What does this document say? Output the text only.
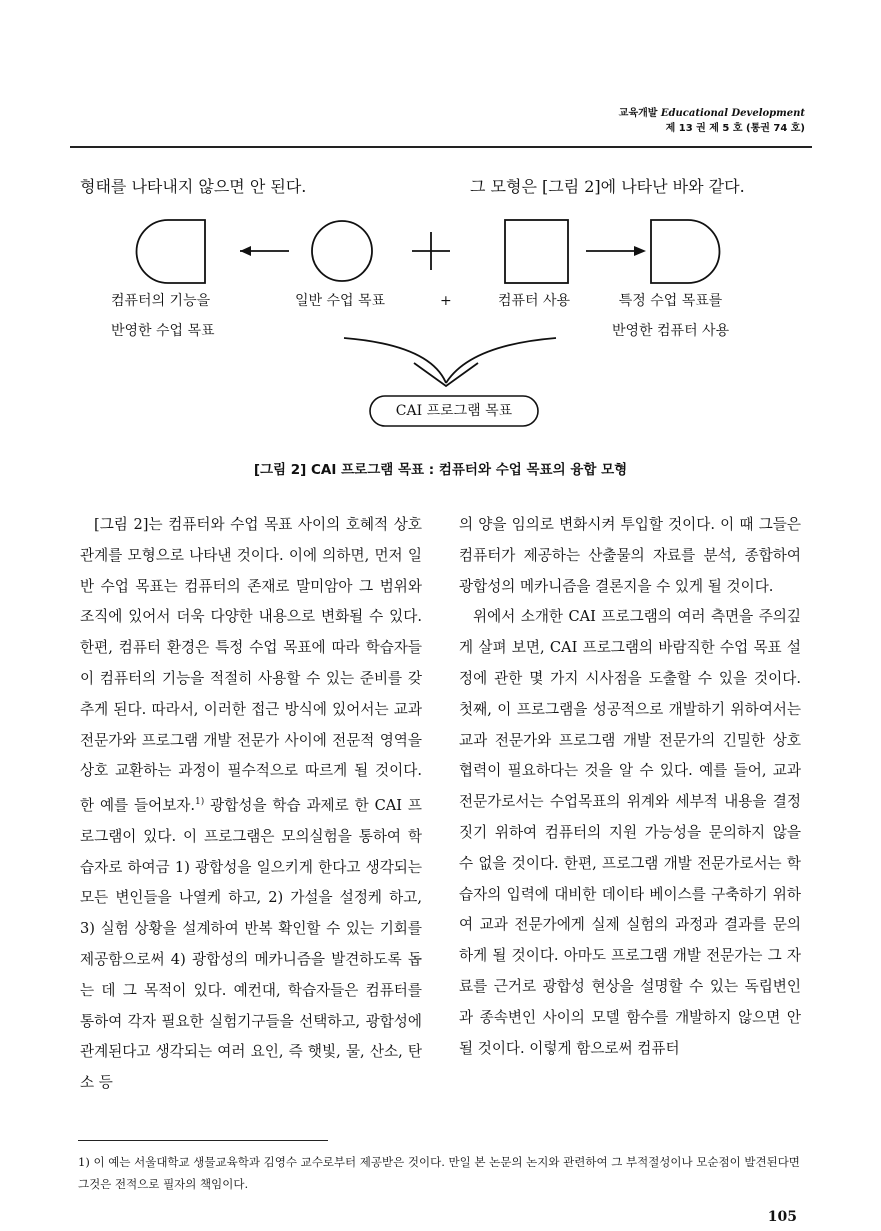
교육개발 Educational Development
제 13 권 제 5 호 (통권 74 호)
형태를 나타내지 않으면 안 된다.	그 모형은 [그림 2]에 나타난 바와 같다.
컴퓨터의 기능을
반영한 수업 목표
일반 수업 목표	+	컴퓨터 사용	특정 수업 목표를
반영한 컴퓨터 사용
CAI 프로그램 목표
[그림 2] CAI 프로그램 목표 : 컴퓨터와 수업 목표의 융합 모형

[그림 2]는 컴퓨터와 수업 목표 사이의 호혜적 상호관계를 모형으로 나타낸 것이다. 이에 의하면, 먼저 일반 수업 목표는 컴퓨터의 존재로 말미암아 그 범위와 조직에 있어서 더욱 다양한 내용으로 변화될 수 있다. 한편, 컴퓨터 환경은 특정 수업 목표에 따라 학습자들이 컴퓨터의 기능을 적절히 사용할 수 있는 준비를 갖추게 된다. 따라서, 이러한 접근 방식에 있어서는 교과 전문가와 프로그램 개발 전문가 사이에 전문적 영역을 상호 교환하는 과정이 필수적으로 따르게 될 것이다. 한 예를 들어보자.$^{1)}$ 광합성을 학습 과제로 한 CAI 프로그램이 있다. 이 프로그램은 모의실험을 통하여 학습자로 하여금 1) 광합성을 일으키게 한다고 생각되는 모든 변인들을 나열케 하고, 2) 가설을 설정케 하고, 3) 실험 상황을 설계하여 반복 확인할 수 있는 기회를 제공함으로써 4) 광합성의 메카니즘을 발견하도록 돕는 데 그 목적이 있다. 예컨대, 학습자들은 컴퓨터를 통하여 각자 필요한 실험기구들을 선택하고, 광합성에 관계된다고 생각되는 여러 요인, 즉 햇빛, 물, 산소, 탄소 등

의 양을 임의로 변화시켜 투입할 것이다. 이 때 그들은 컴퓨터가 제공하는 산출물의 자료를 분석, 종합하여 광합성의 메카니즘을 결론지을 수 있게 될 것이다.

위에서 소개한 CAI 프로그램의 여러 측면을 주의깊게 살펴 보면, CAI 프로그램의 바람직한 수업 목표 설정에 관한 몇 가지 시사점을 도출할 수 있을 것이다. 첫째, 이 프로그램을 성공적으로 개발하기 위하여서는 교과 전문가와 프로그램 개발 전문가의 긴밀한 상호 협력이 필요하다는 것을 알 수 있다. 예를 들어, 교과 전문가로서는 수업목표의 위계와 세부적 내용을 결정짓기 위하여 컴퓨터의 지원 가능성을 문의하지 않을 수 없을 것이다. 한편, 프로그램 개발 전문가로서는 학습자의 입력에 대비한 데이타 베이스를 구축하기 위하여 교과 전문가에게 실제 실험의 과정과 결과를 문의하게 될 것이다. 아마도 프로그램 개발 전문가는 그 자료를 근거로 광합성 현상을 설명할 수 있는 독립변인과 종속변인 사이의 모델 함수를 개발하지 않으면 안 될 것이다. 이렇게 함으로써 컴퓨터

1) 이 예는 서울대학교 생물교육학과 김영수 교수로부터 제공받은 것이다. 만일 본 논문의 논지와 관련하여 그 부적절성이나 모순점이 발견된다면 그것은 전적으로 필자의 책임이다.
105
